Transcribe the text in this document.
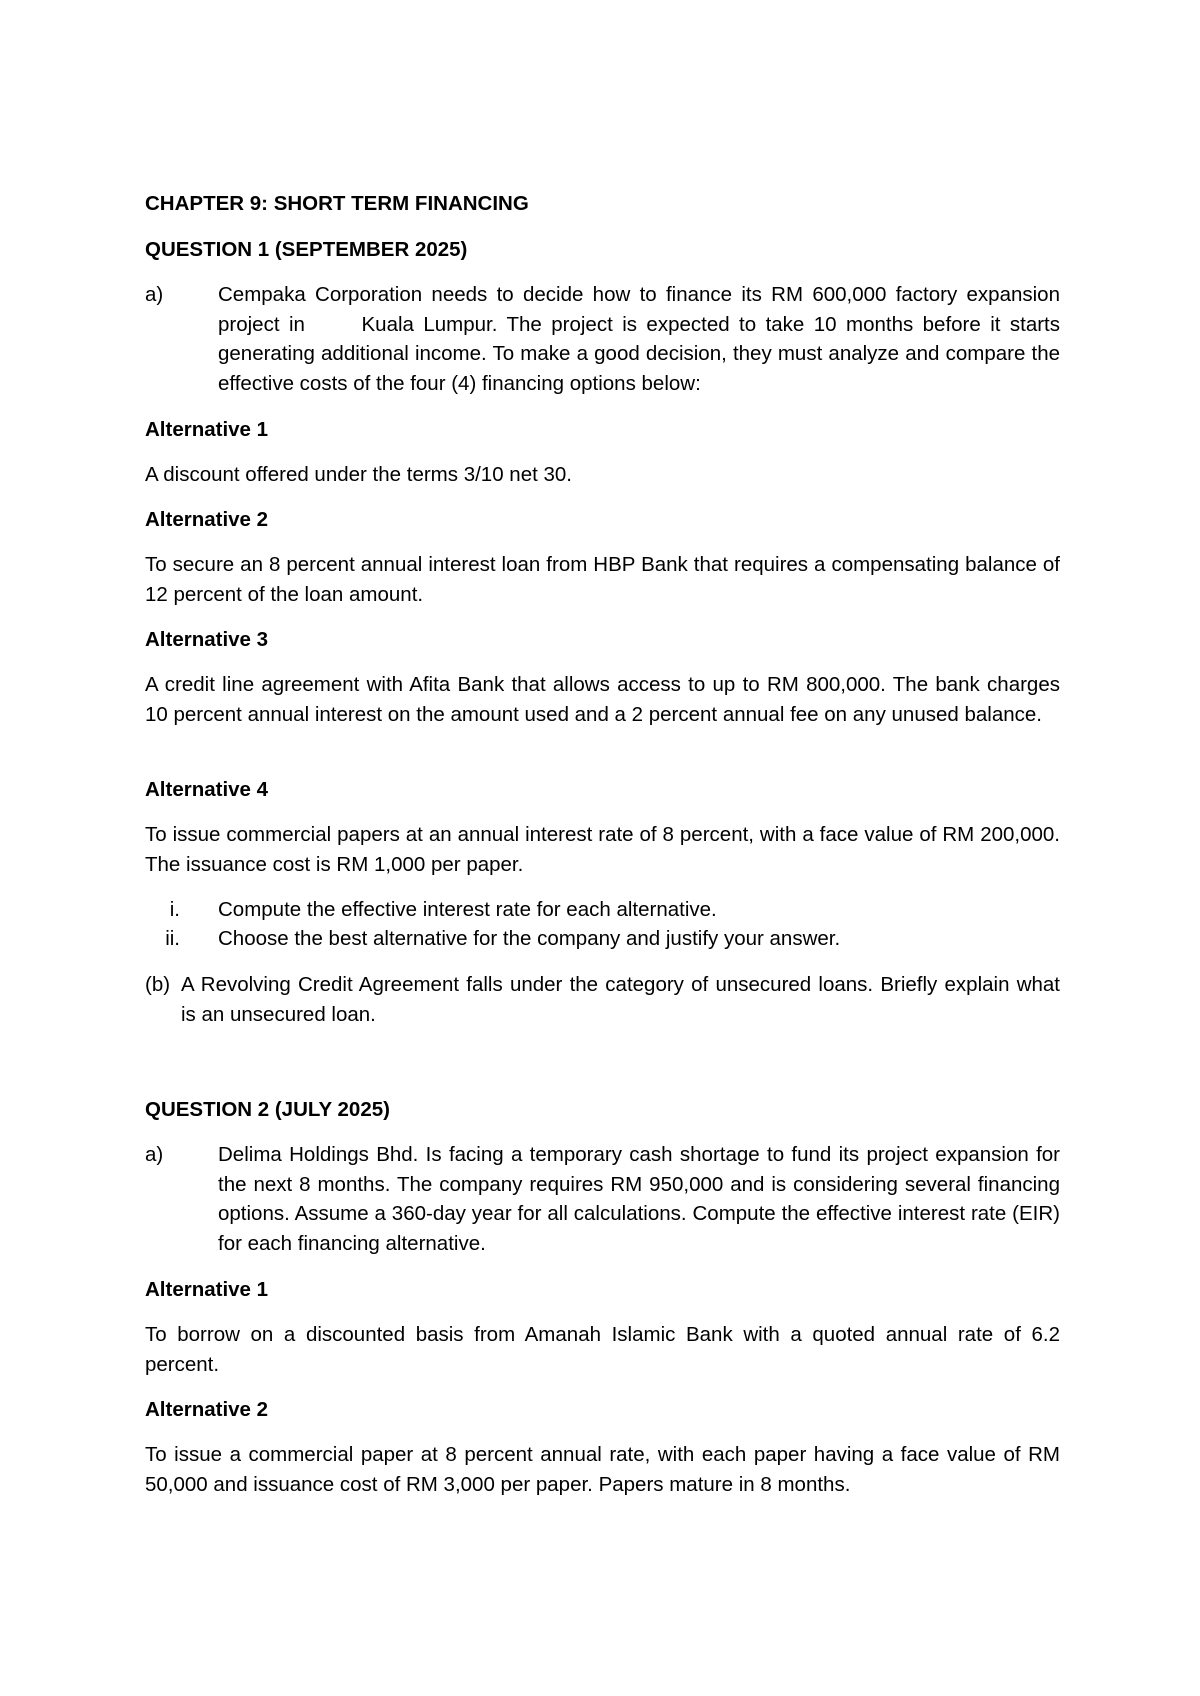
CHAPTER 9: SHORT TERM FINANCING
QUESTION 1 (SEPTEMBER 2025)
a)	Cempaka Corporation needs to decide how to finance its RM 600,000 factory expansion project in      Kuala Lumpur. The project is expected to take 10 months before it starts generating additional income. To make a good decision, they must analyze and compare the effective costs of the four (4) financing options below:
Alternative 1
A discount offered under the terms 3/10 net 30.
Alternative 2
To secure an 8 percent annual interest loan from HBP Bank that requires a compensating balance of 12 percent of the loan amount.
Alternative 3
A credit line agreement with Afita Bank that allows access to up to RM 800,000. The bank charges 10 percent annual interest on the amount used and a 2 percent annual fee on any unused balance.
Alternative 4
To issue commercial papers at an annual interest rate of 8 percent, with a face value of RM 200,000. The issuance cost is RM 1,000 per paper.
i. Compute the effective interest rate for each alternative.
ii. Choose the best alternative for the company and justify your answer.
(b) A Revolving Credit Agreement falls under the category of unsecured loans. Briefly explain what is an unsecured loan.
QUESTION 2 (JULY 2025)
a)	Delima Holdings Bhd. Is facing a temporary cash shortage to fund its project expansion for the next 8 months. The company requires RM 950,000 and is considering several financing options. Assume a 360-day year for all calculations. Compute the effective interest rate (EIR) for each financing alternative.
Alternative 1
To borrow on a discounted basis from Amanah Islamic Bank with a quoted annual rate of 6.2 percent.
Alternative 2
To issue a commercial paper at 8 percent annual rate, with each paper having a face value of RM 50,000 and issuance cost of RM 3,000 per paper. Papers mature in 8 months.
